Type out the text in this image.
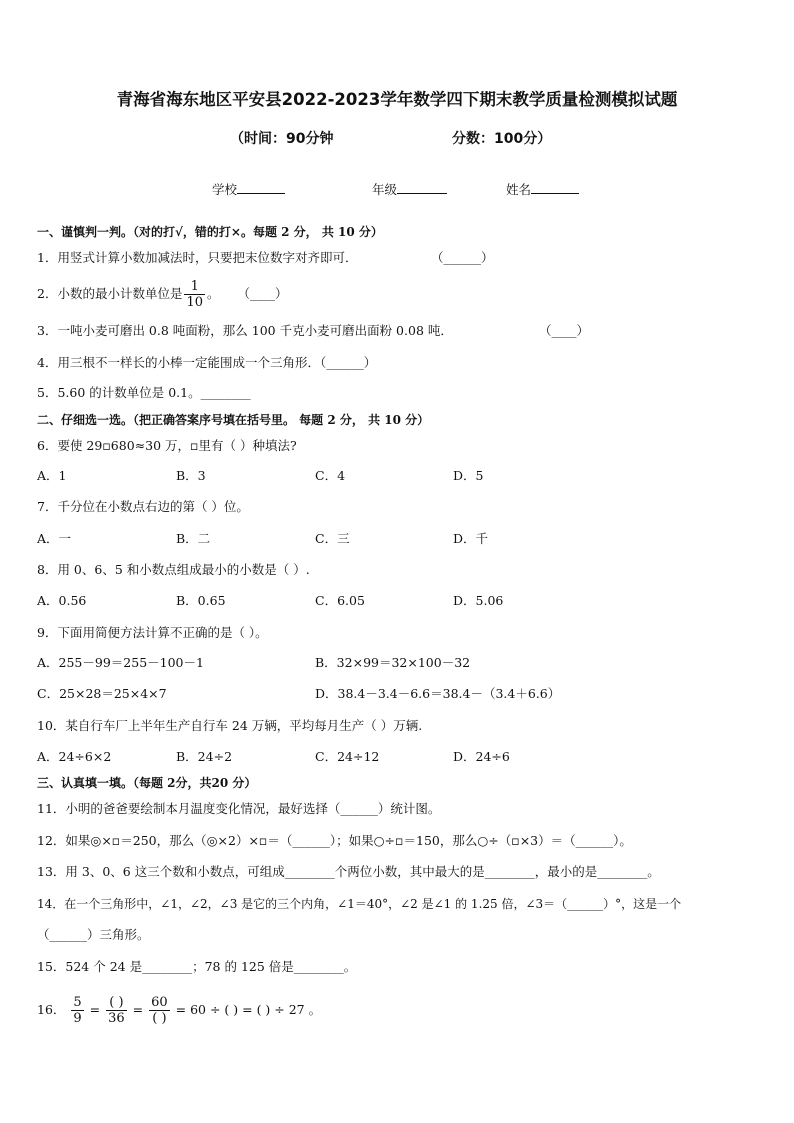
青海省海东地区平安县2022-2023学年数学四下期末教学质量检测模拟试题
（时间：90分钟	分数：100分）
学校	年级	姓名
一、谨慎判一判。（对的打√，错的打×。每题 2 分， 共 10 分）
1．用竖式计算小数加减法时，只要把末位数字对齐即可．	（______）
2．小数的最小计数单位是 $\frac{1}{10}$ 。 （____）
3．一吨小麦可磨出 0.8 吨面粉，那么 100 千克小麦可磨出面粉 0.08 吨．	（____）
4．用三根不一样长的小棒一定能围成一个三角形．（______）
5．5.60 的计数单位是 0.1。________
二、仔细选一选。（把正确答案序号填在括号里。 每题 2 分， 共 10 分）
6．要使 29▫680≈30 万，▫里有（ ）种填法?
A．1	B．3	C．4	D．5
7．千分位在小数点右边的第（ ）位。
A．一	B．二	C．三	D．千
8．用 0、6、5 和小数点组成最小的小数是（ ）.
A．0.56	B．0.65	C．6.05	D．5.06
9．下面用简便方法计算不正确的是（ ）。
A．255－99＝255－100－1	B．32×99＝32×100－32
C．25×28＝25×4×7	D．38.4－3.4－6.6＝38.4－（3.4＋6.6）
10．某自行车厂上半年生产自行车 24 万辆，平均每月生产（ ）万辆.
A．24÷6×2	B．24÷2	C．24÷12	D．24÷6
三、认真填一填。（每题 2分，共20 分）
11．小明的爸爸要绘制本月温度变化情况，最好选择（______）统计图。
12．如果◎×▫＝250，那么（◎×2）×▫＝（______）；如果○÷▫＝150，那么○÷（▫×3）＝（______）。
13．用 3、0、6 这三个数和小数点，可组成________个两位小数，其中最大的是________，最小的是________。
14．在一个三角形中，∠1，∠2，∠3 是它的三个内角，∠1＝40°，∠2 是∠1 的 1.25 倍，∠3＝（______）°，这是一个
（______）三角形。
15．524 个 24 是________；78 的 125 倍是________。
16． $\frac{5}{9} = \frac{( )}{36} = \frac{60}{( )} = 60$ ÷ ( ) = ( ) ÷ 27 。
